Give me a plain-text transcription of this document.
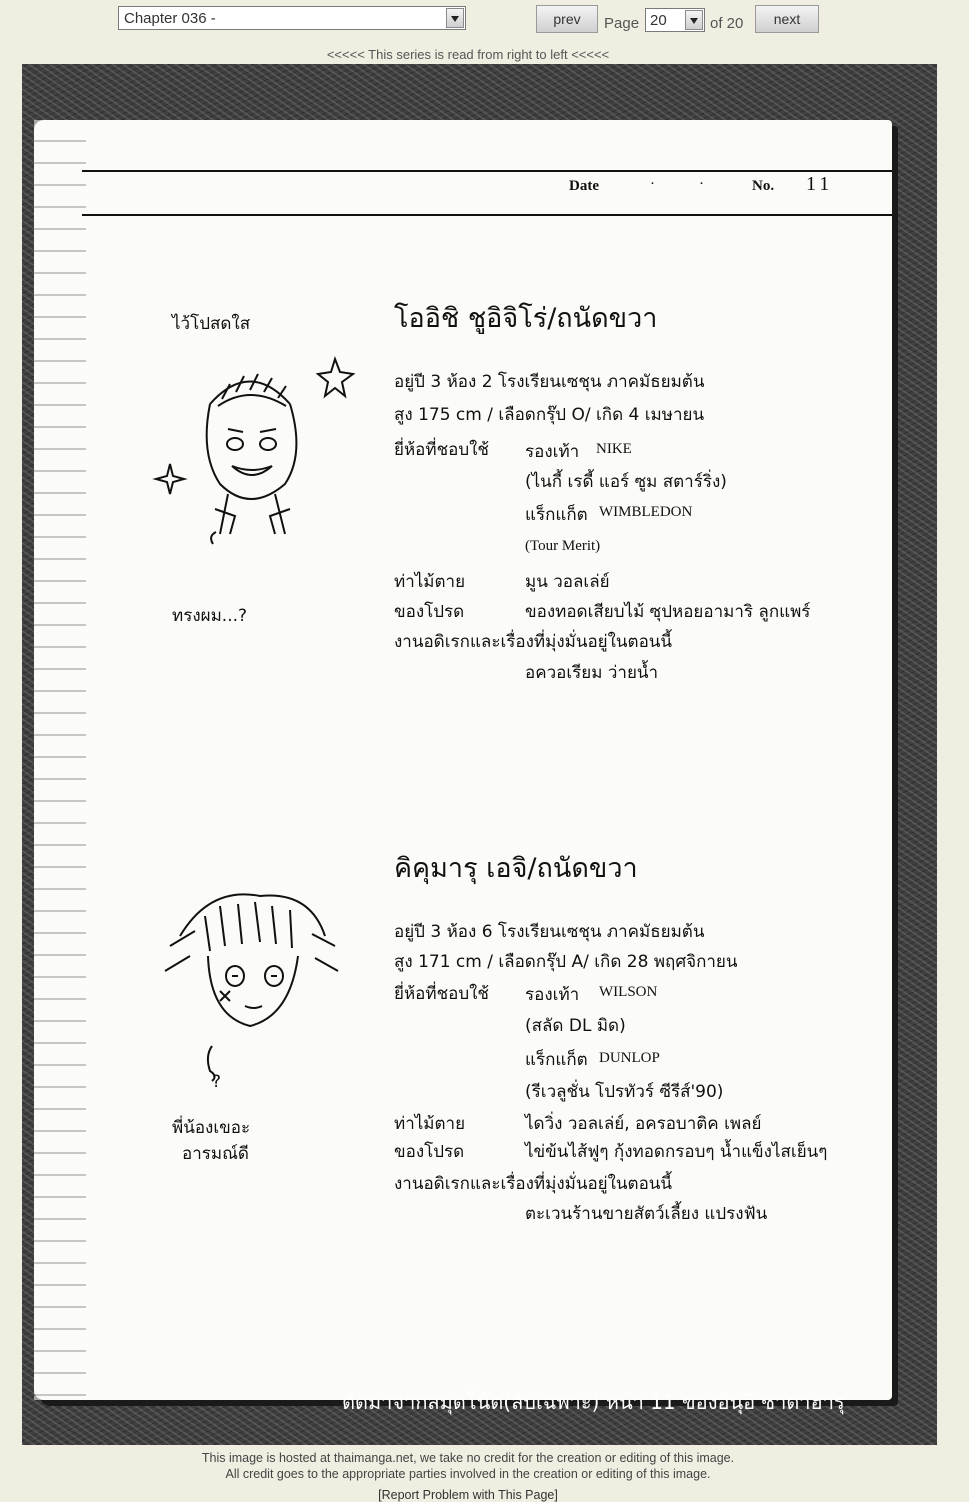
Chapter 036 -	prev	Page 20	of 20	next
<<<<< This series is read from right to left <<<<<
Date	·· No. 11
ไว้โปสดใส
ทรงผม...?
โออิชิ ชูอิจิโร่/ถนัดขวา
อยู่ปี 3 ห้อง 2 โรงเรียนเซชุน ภาคมัธยมต้น
สูง 175 cm / เลือดกรุ๊ป O/ เกิด 4 เมษายน
ยี่ห้อที่ชอบใช้ รองเท้า NIKE
(ไนกี้ เรดี้ แอร์ ซูม สตาร์ริ่ง)
แร็กแก็ต WIMBLEDON
(Tour Merit)
ท่าไม้ตาย	มูน วอลเล่ย์
ของโปรด	ของทอดเสียบไม้ ซุปหอยอามาริ ลูกแพร์
งานอดิเรกและเรื่องที่มุ่งมั่นอยู่ในตอนนี้
อควอเรียม ว่ายน้ำ
?
พี่น้องเขอะ
อารมณ์ดี
คิคุมารุ เอจิ/ถนัดขวา
อยู่ปี 3 ห้อง 6 โรงเรียนเซชุน ภาคมัธยมต้น
สูง 171 cm / เลือดกรุ๊ป A/ เกิด 28 พฤศจิกายน
ยี่ห้อที่ชอบใช้ รองเท้า WILSON
(สลัด DL มิด)
แร็กแก็ต DUNLOP
(รีเวลูชั่น โปรทัวร์ ซีรีส์'90)
ท่าไม้ตาย	ไดวิ่ง วอลเล่ย์, อครอบาติค เพลย์
ของโปรด	ไข่ข้นไส้ฟูๆ กุ้งทอดกรอบๆ น้ำแข็งไสเย็นๆ
งานอดิเรกและเรื่องที่มุ่งมั่นอยู่ในตอนนี้
ตะเวนร้านขายสัตว์เลี้ยง แปรงฟัน
ตัดมาจากสมุดโน้ต(ลับเฉพาะ) หน้า 11 ของอินุอิ ซาดาฮารุ
This image is hosted at thaimanga.net, we take no credit for the creation or editing of this image.
All credit goes to the appropriate parties involved in the creation or editing of this image.
[Report Problem with This Page]
